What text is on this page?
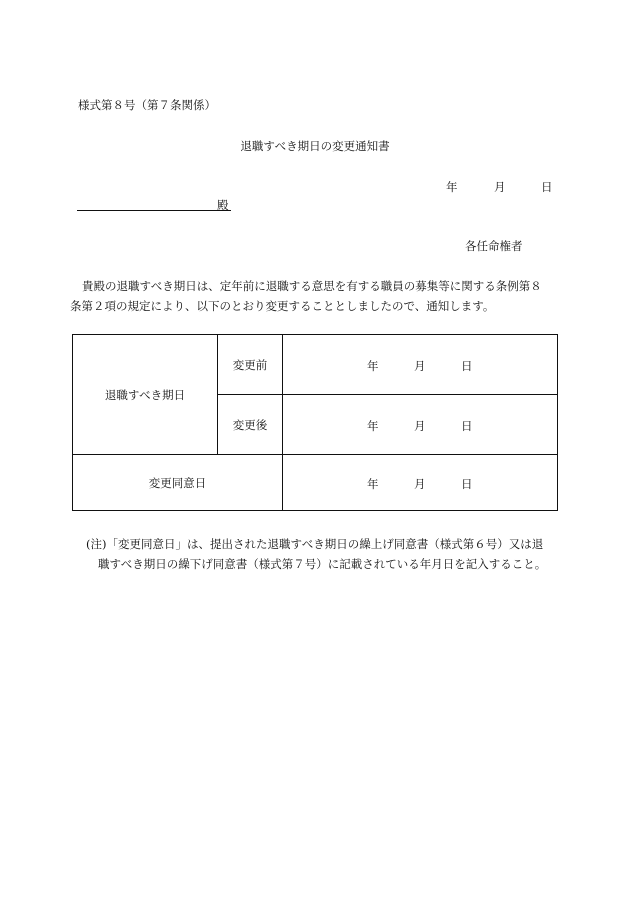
様式第８号（第７条関係）
退職すべき期日の変更通知書
年	月	日
殿
各任命権者
貴殿の退職すべき期日は、定年前に退職する意思を有する職員の募集等に関する条例第８
条第２項の規定により、以下のとおり変更することとしましたので、通知します。
退職すべき期日	変更前	年 月 日

	変更後	年 月 日

変更同意日		年 月 日
(注)「変更同意日」は、提出された退職すべき期日の繰上げ同意書（様式第６号）又は退
職すべき期日の繰下げ同意書（様式第７号）に記載されている年月日を記入すること。
